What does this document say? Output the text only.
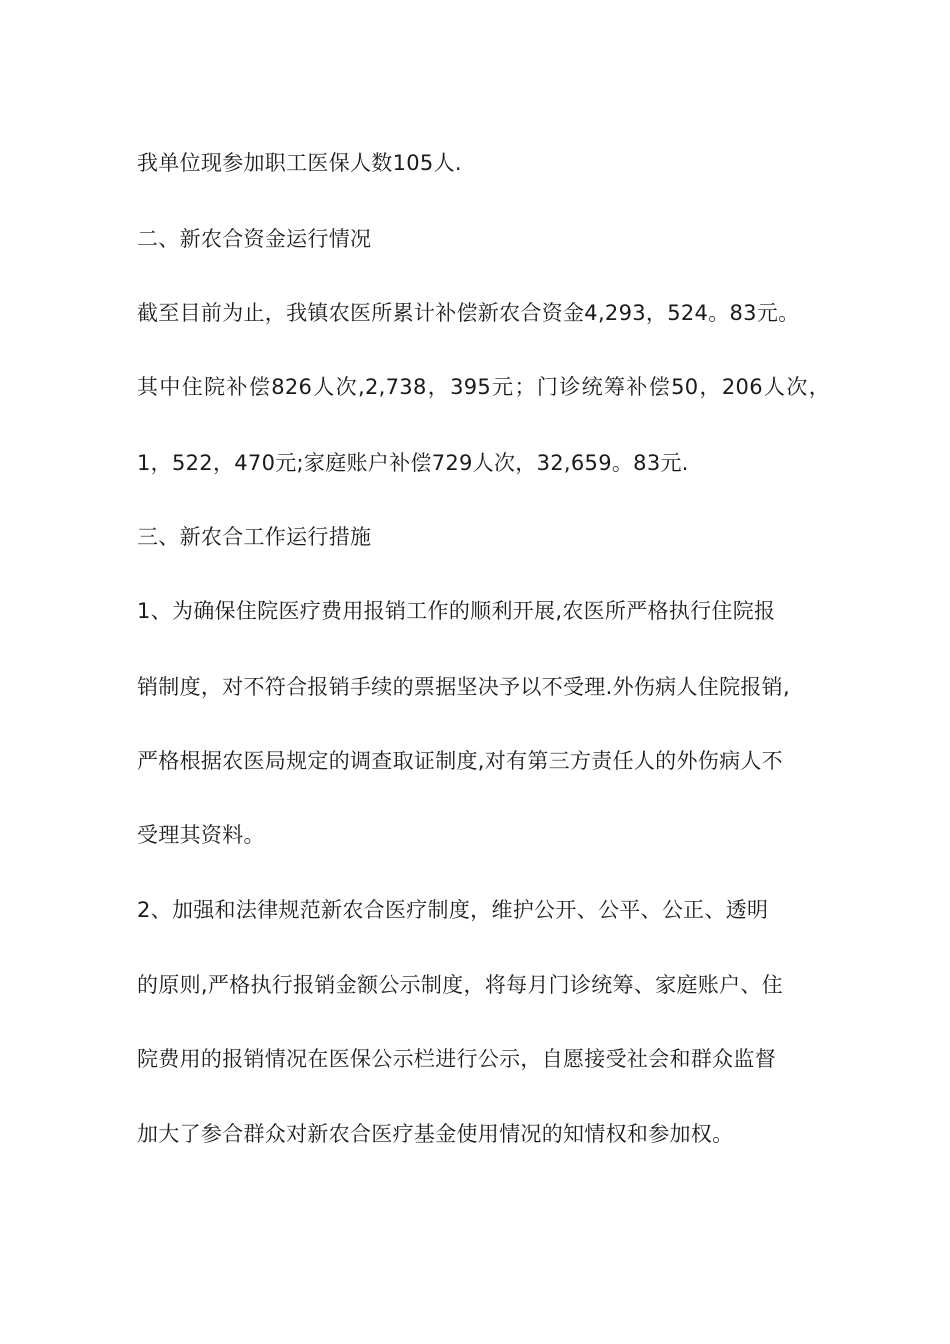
我单位现参加职工医保人数105人.
二、新农合资金运行情况
截至目前为止，我镇农医所累计补偿新农合资金4,293，524。83元。
其中住院补偿826人次,2,738，395元；门诊统筹补偿50，206人次，
1，522，470元;家庭账户补偿729人次，32,659。83元.
三、新农合工作运行措施
1、为确保住院医疗费用报销工作的顺利开展,农医所严格执行住院报
销制度，对不符合报销手续的票据坚决予以不受理.外伤病人住院报销,
严格根据农医局规定的调查取证制度,对有第三方责任人的外伤病人不
受理其资料。
2、加强和法律规范新农合医疗制度，维护公开、公平、公正、透明
的原则,严格执行报销金额公示制度，将每月门诊统筹、家庭账户、住
院费用的报销情况在医保公示栏进行公示，自愿接受社会和群众监督
加大了参合群众对新农合医疗基金使用情况的知情权和参加权。
